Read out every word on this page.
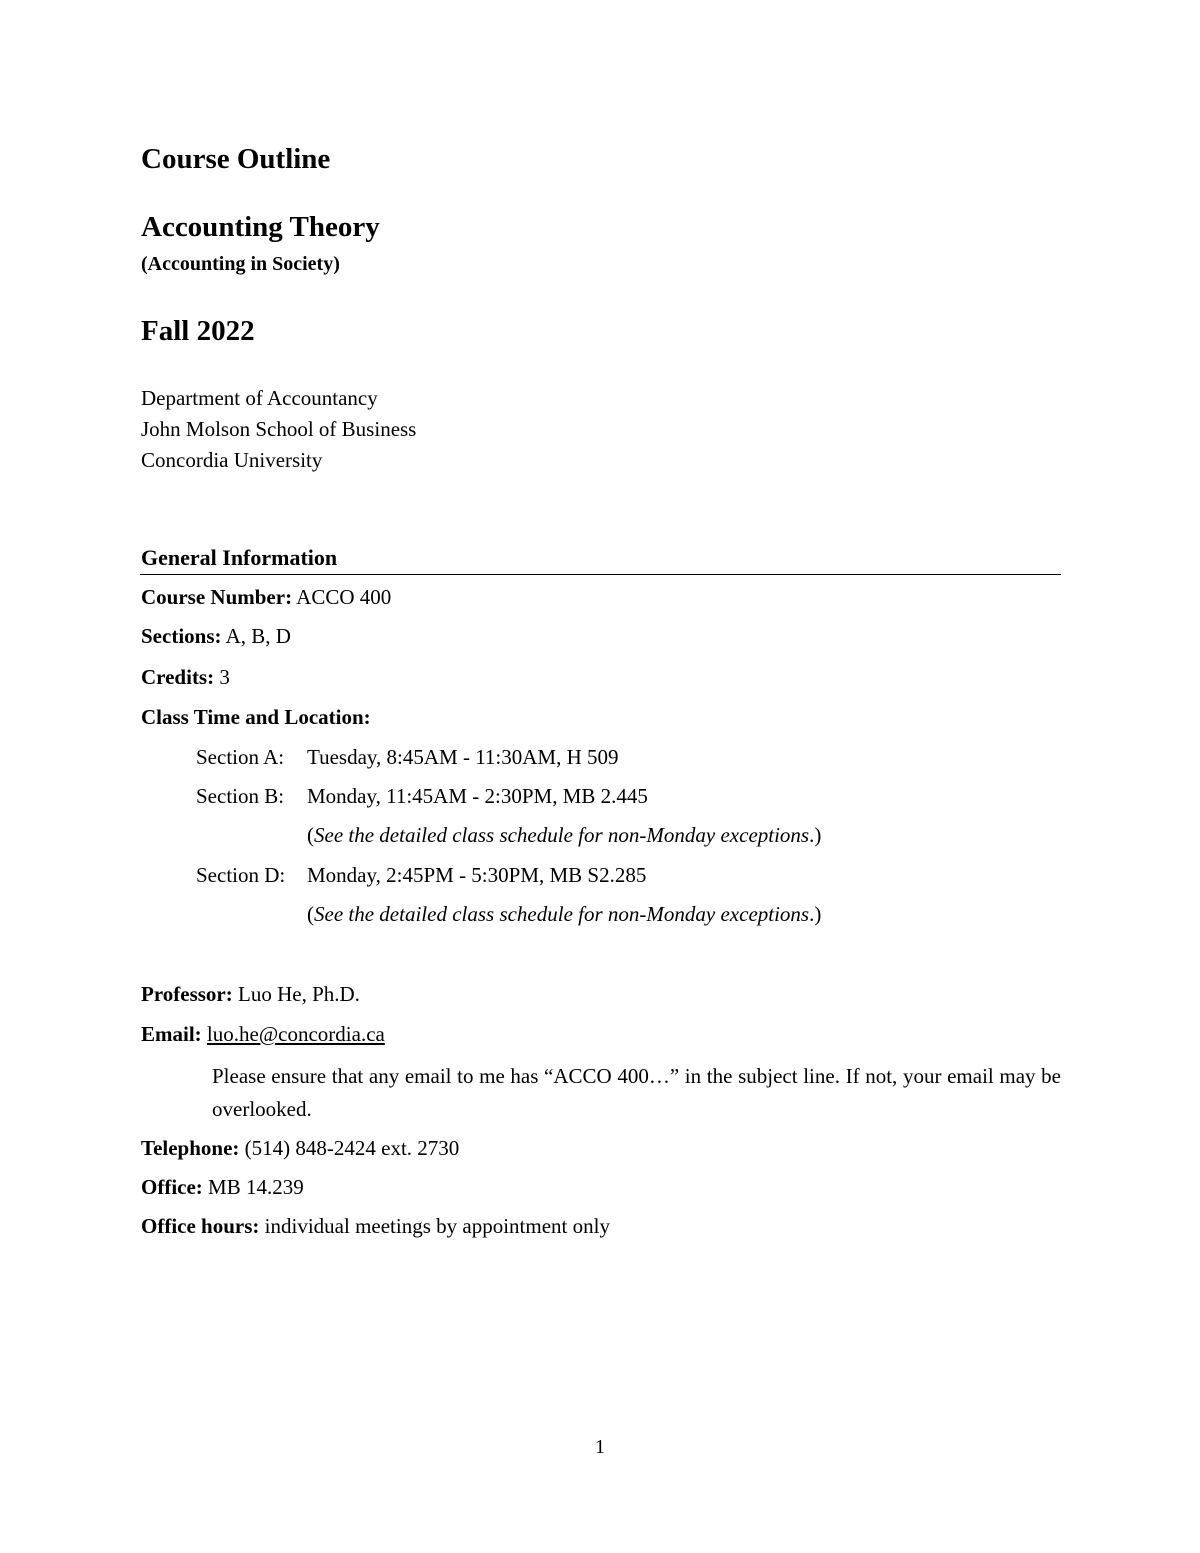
Course Outline
Accounting Theory
(Accounting in Society)
Fall 2022
Department of Accountancy
John Molson School of Business
Concordia University
General Information
Course Number: ACCO 400
Sections: A, B, D
Credits: 3
Class Time and Location:
Section A: Tuesday, 8:45AM - 11:30AM, H 509
Section B: Monday, 11:45AM - 2:30PM, MB 2.445
(See the detailed class schedule for non-Monday exceptions.)
Section D: Monday, 2:45PM - 5:30PM, MB S2.285
(See the detailed class schedule for non-Monday exceptions.)
Professor: Luo He, Ph.D.
Email: luo.he@concordia.ca
Please ensure that any email to me has “ACCO 400…” in the subject line. If not, your email may be overlooked.
Telephone: (514) 848-2424 ext. 2730
Office: MB 14.239
Office hours: individual meetings by appointment only
1
